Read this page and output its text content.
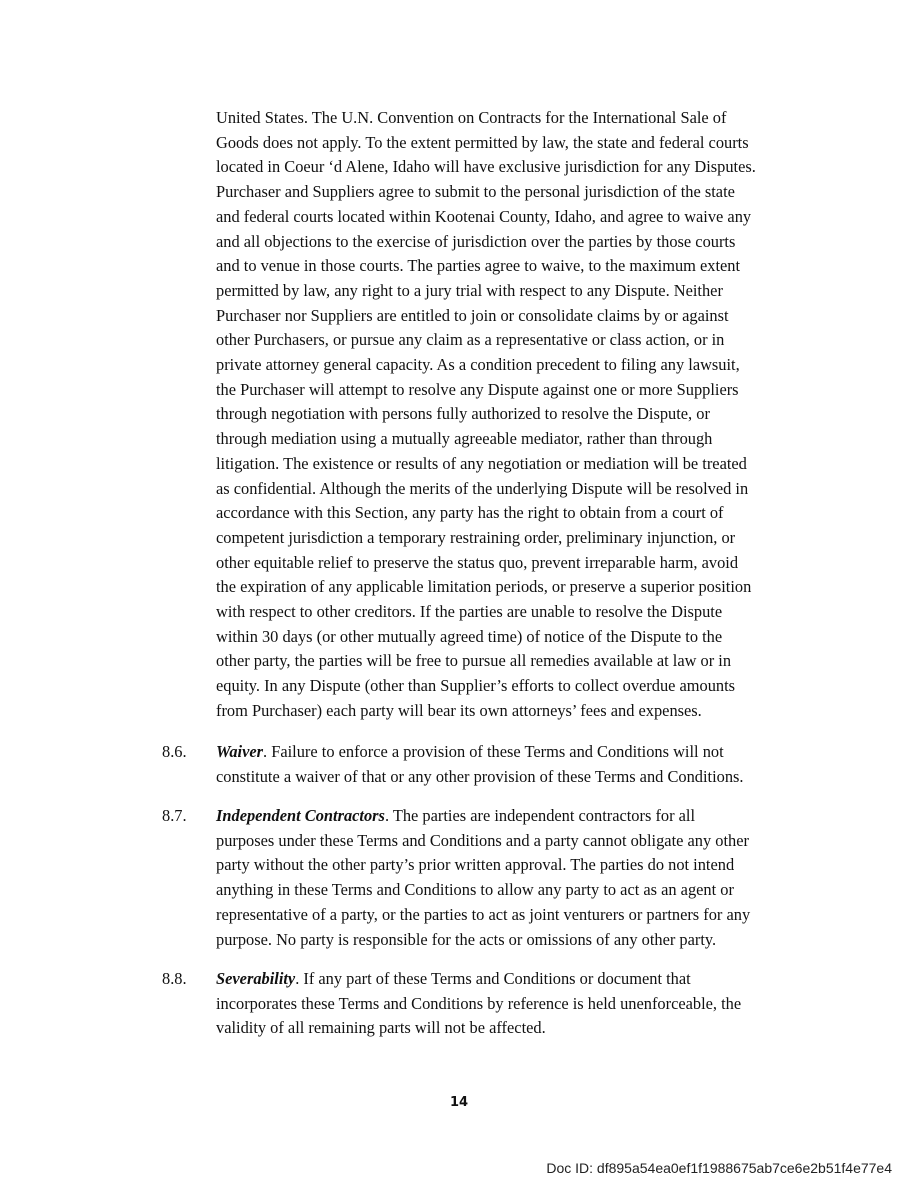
United States. The U.N. Convention on Contracts for the International Sale of
Goods does not apply. To the extent permitted by law, the state and federal courts
located in Coeur ‘d Alene, Idaho will have exclusive jurisdiction for any Disputes.
Purchaser and Suppliers agree to submit to the personal jurisdiction of the state
and federal courts located within Kootenai County, Idaho, and agree to waive any
and all objections to the exercise of jurisdiction over the parties by those courts
and to venue in those courts. The parties agree to waive, to the maximum extent
permitted by law, any right to a jury trial with respect to any Dispute. Neither
Purchaser nor Suppliers are entitled to join or consolidate claims by or against
other Purchasers, or pursue any claim as a representative or class action, or in
private attorney general capacity. As a condition precedent to filing any lawsuit,
the Purchaser will attempt to resolve any Dispute against one or more Suppliers
through negotiation with persons fully authorized to resolve the Dispute, or
through mediation using a mutually agreeable mediator, rather than through
litigation. The existence or results of any negotiation or mediation will be treated
as confidential. Although the merits of the underlying Dispute will be resolved in
accordance with this Section, any party has the right to obtain from a court of
competent jurisdiction a temporary restraining order, preliminary injunction, or
other equitable relief to preserve the status quo, prevent irreparable harm, avoid
the expiration of any applicable limitation periods, or preserve a superior position
with respect to other creditors. If the parties are unable to resolve the Dispute
within 30 days (or other mutually agreed time) of notice of the Dispute to the
other party, the parties will be free to pursue all remedies available at law or in
equity. In any Dispute (other than Supplier’s efforts to collect overdue amounts
from Purchaser) each party will bear its own attorneys’ fees and expenses.
8.6. Waiver. Failure to enforce a provision of these Terms and Conditions will not
constitute a waiver of that or any other provision of these Terms and Conditions.
8.7. Independent Contractors. The parties are independent contractors for all
purposes under these Terms and Conditions and a party cannot obligate any other
party without the other party’s prior written approval. The parties do not intend
anything in these Terms and Conditions to allow any party to act as an agent or
representative of a party, or the parties to act as joint venturers or partners for any
purpose. No party is responsible for the acts or omissions of any other party.
8.8. Severability. If any part of these Terms and Conditions or document that
incorporates these Terms and Conditions by reference is held unenforceable, the
validity of all remaining parts will not be affected.
14
Doc ID: df895a54ea0ef1f1988675ab7ce6e2b51f4e77e4
